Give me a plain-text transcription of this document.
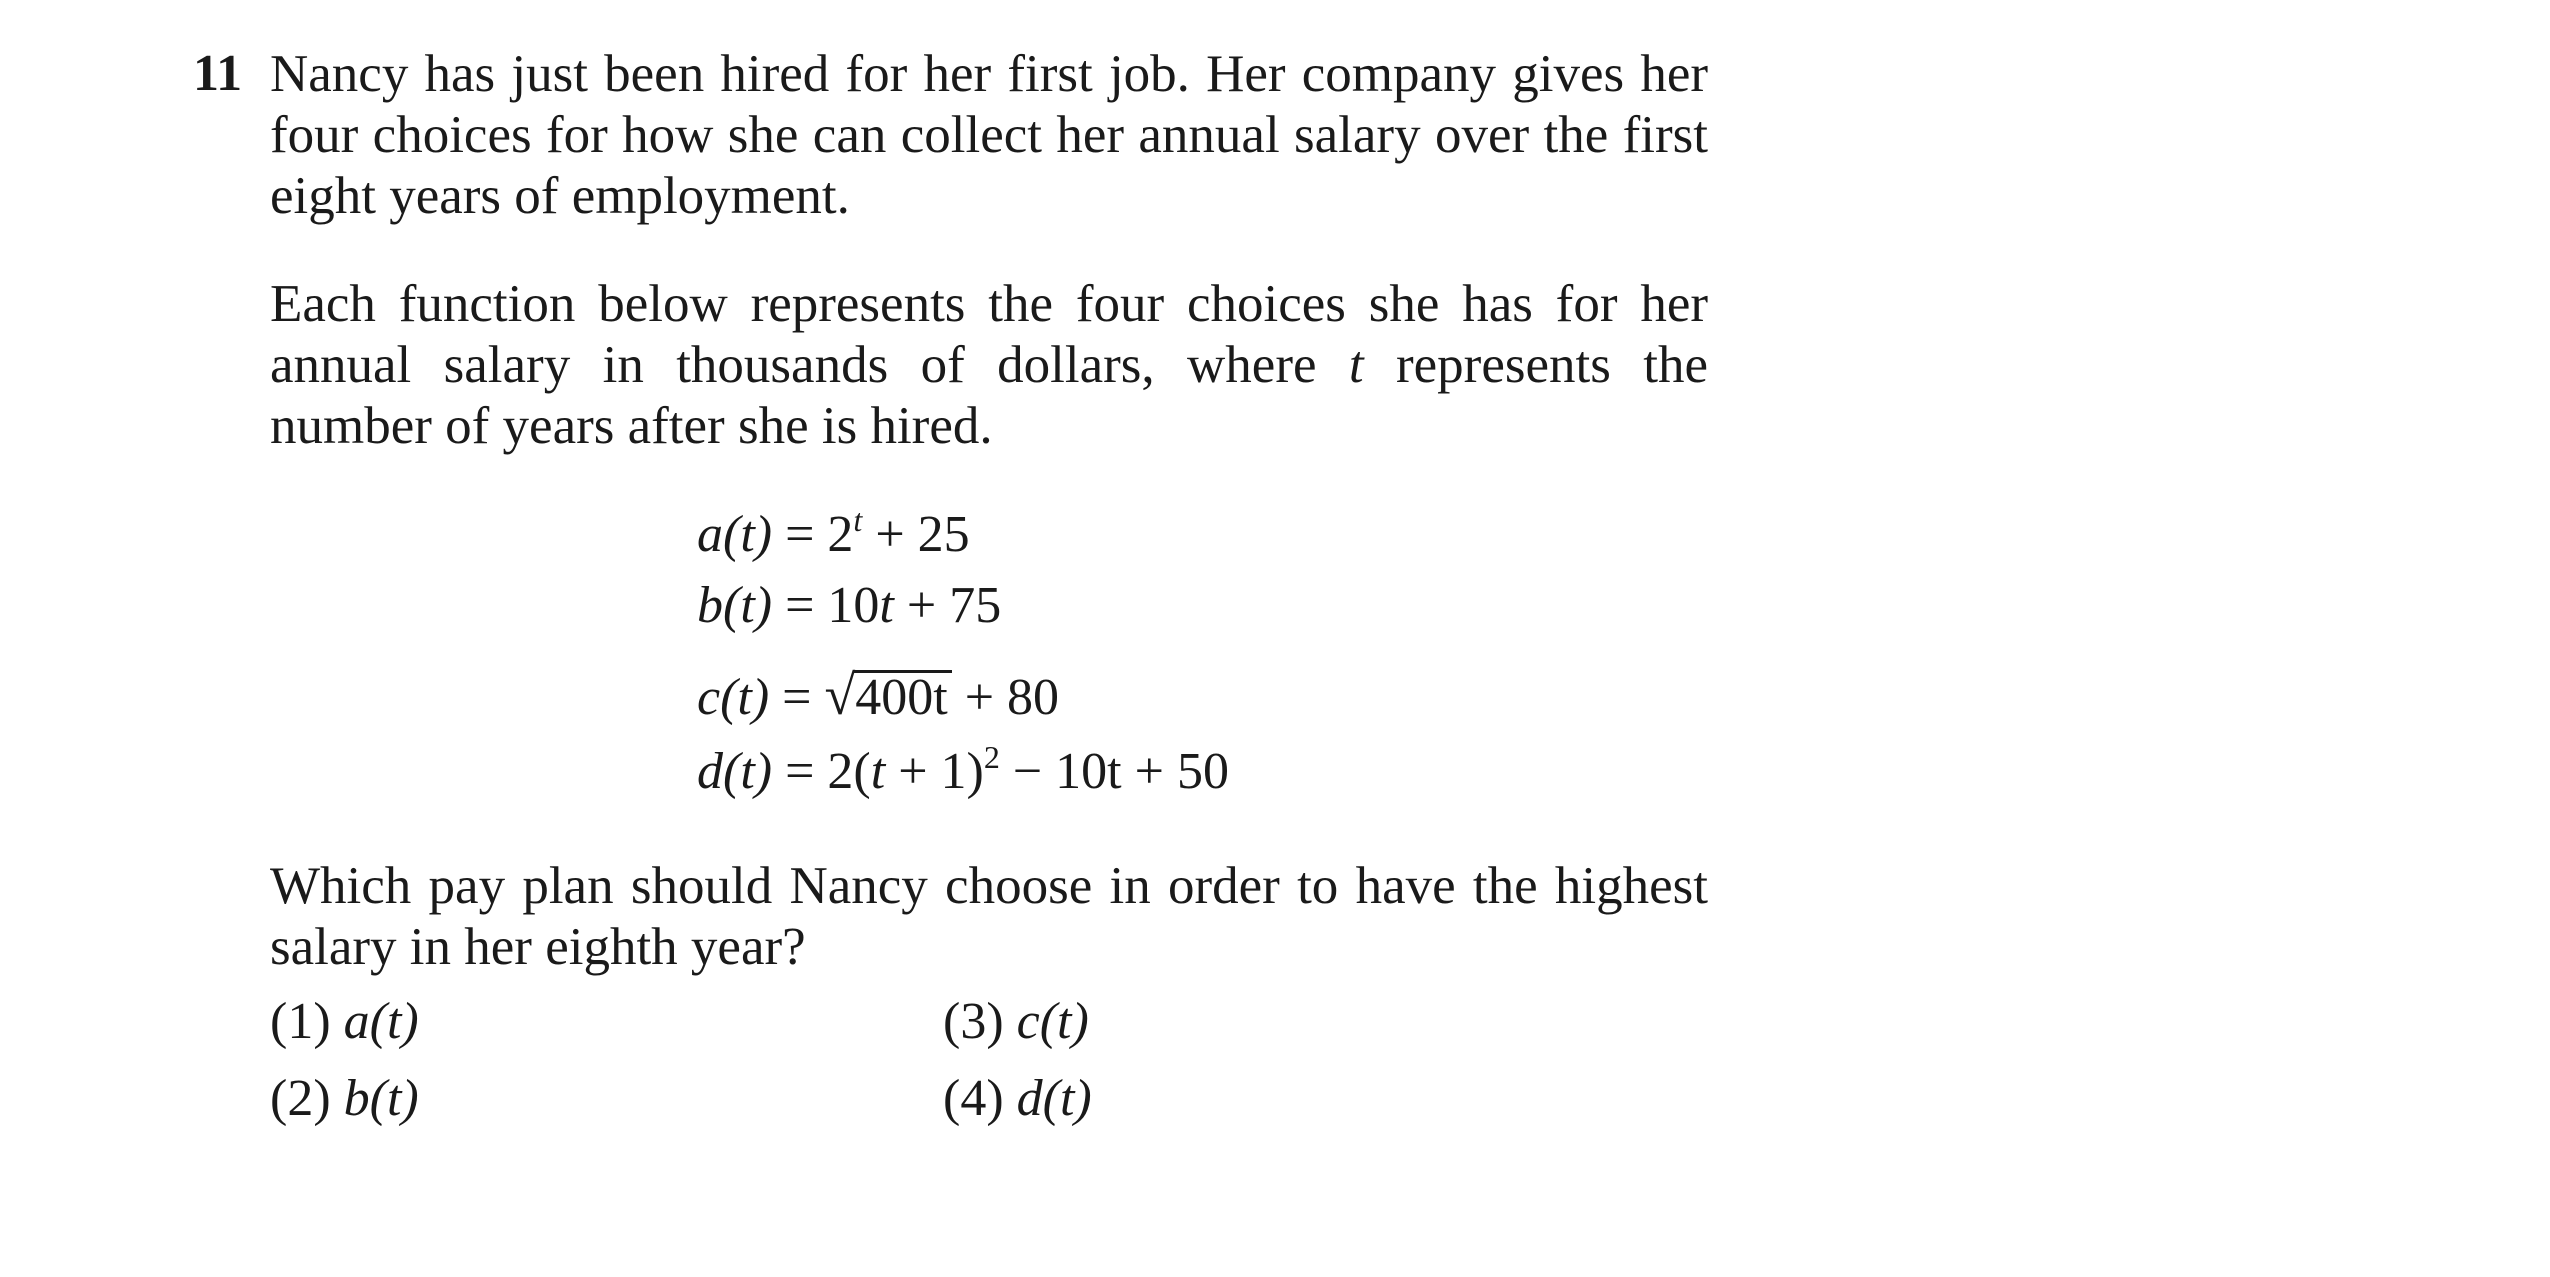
11 Nancy has just been hired for her first job. Her company gives her four choices for how she can collect her annual salary over the first eight years of employment.
Each function below represents the four choices she has for her annual salary in thousands of dollars, where t represents the number of years after she is hired.
$a(t) = 2^t + 25$
b(t) = 10t + 75
c(t) = √400t + 80
$d(t) = 2(t + 1)^2 - 10t + 50$
Which pay plan should Nancy choose in order to have the highest salary in her eighth year?
(1) a(t)
(2) b(t)
(3) c(t)
(4) d(t)
